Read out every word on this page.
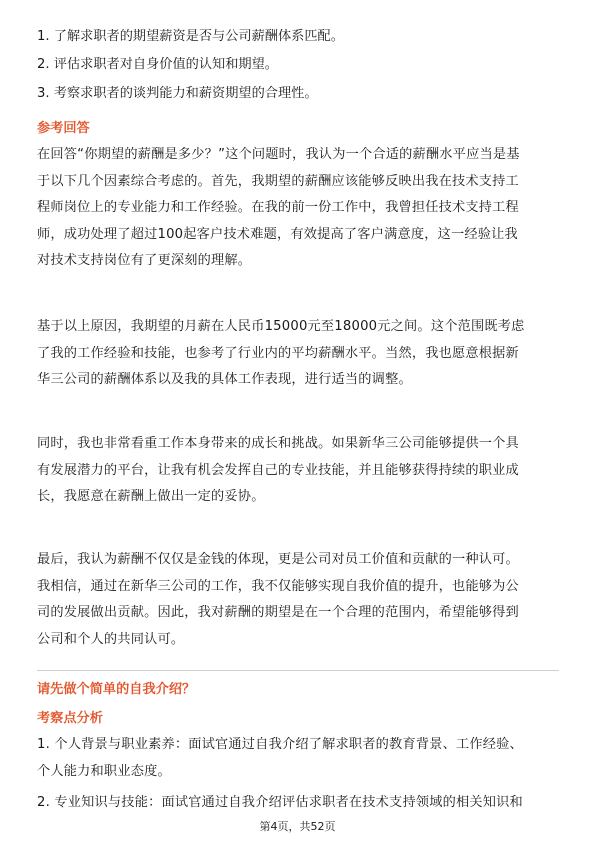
1. 了解求职者的期望薪资是否与公司薪酬体系匹配。

2. 评估求职者对自身价值的认知和期望。

3. 考察求职者的谈判能力和薪资期望的合理性。

参考回答
在回答“你期望的薪酬是多少？”这个问题时，我认为一个合适的薪酬水平应当是基
于以下几个因素综合考虑的。首先，我期望的薪酬应该能够反映出我在技术支持工
程师岗位上的专业能力和工作经验。在我的前一份工作中，我曾担任技术支持工程
师，成功处理了超过100起客户技术难题，有效提高了客户满意度，这一经验让我
对技术支持岗位有了更深刻的理解。
基于以上原因，我期望的月薪在人民币15000元至18000元之间。这个范围既考虑
了我的工作经验和技能，也参考了行业内的平均薪酬水平。当然，我也愿意根据新
华三公司的薪酬体系以及我的具体工作表现，进行适当的调整。
同时，我也非常看重工作本身带来的成长和挑战。如果新华三公司能够提供一个具
有发展潜力的平台，让我有机会发挥自己的专业技能，并且能够获得持续的职业成
长，我愿意在薪酬上做出一定的妥协。
最后，我认为薪酬不仅仅是金钱的体现，更是公司对员工价值和贡献的一种认可。
我相信，通过在新华三公司的工作，我不仅能够实现自我价值的提升，也能够为公
司的发展做出贡献。因此，我对薪酬的期望是在一个合理的范围内，希望能够得到
公司和个人的共同认可。
请先做个简单的自我介绍？
考察点分析
1. 个人背景与职业素养：面试官通过自我介绍了解求职者的教育背景、工作经验、
个人能力和职业态度。
2. 专业知识与技能：面试官通过自我介绍评估求职者在技术支持领域的相关知识和
第4页，共52页
